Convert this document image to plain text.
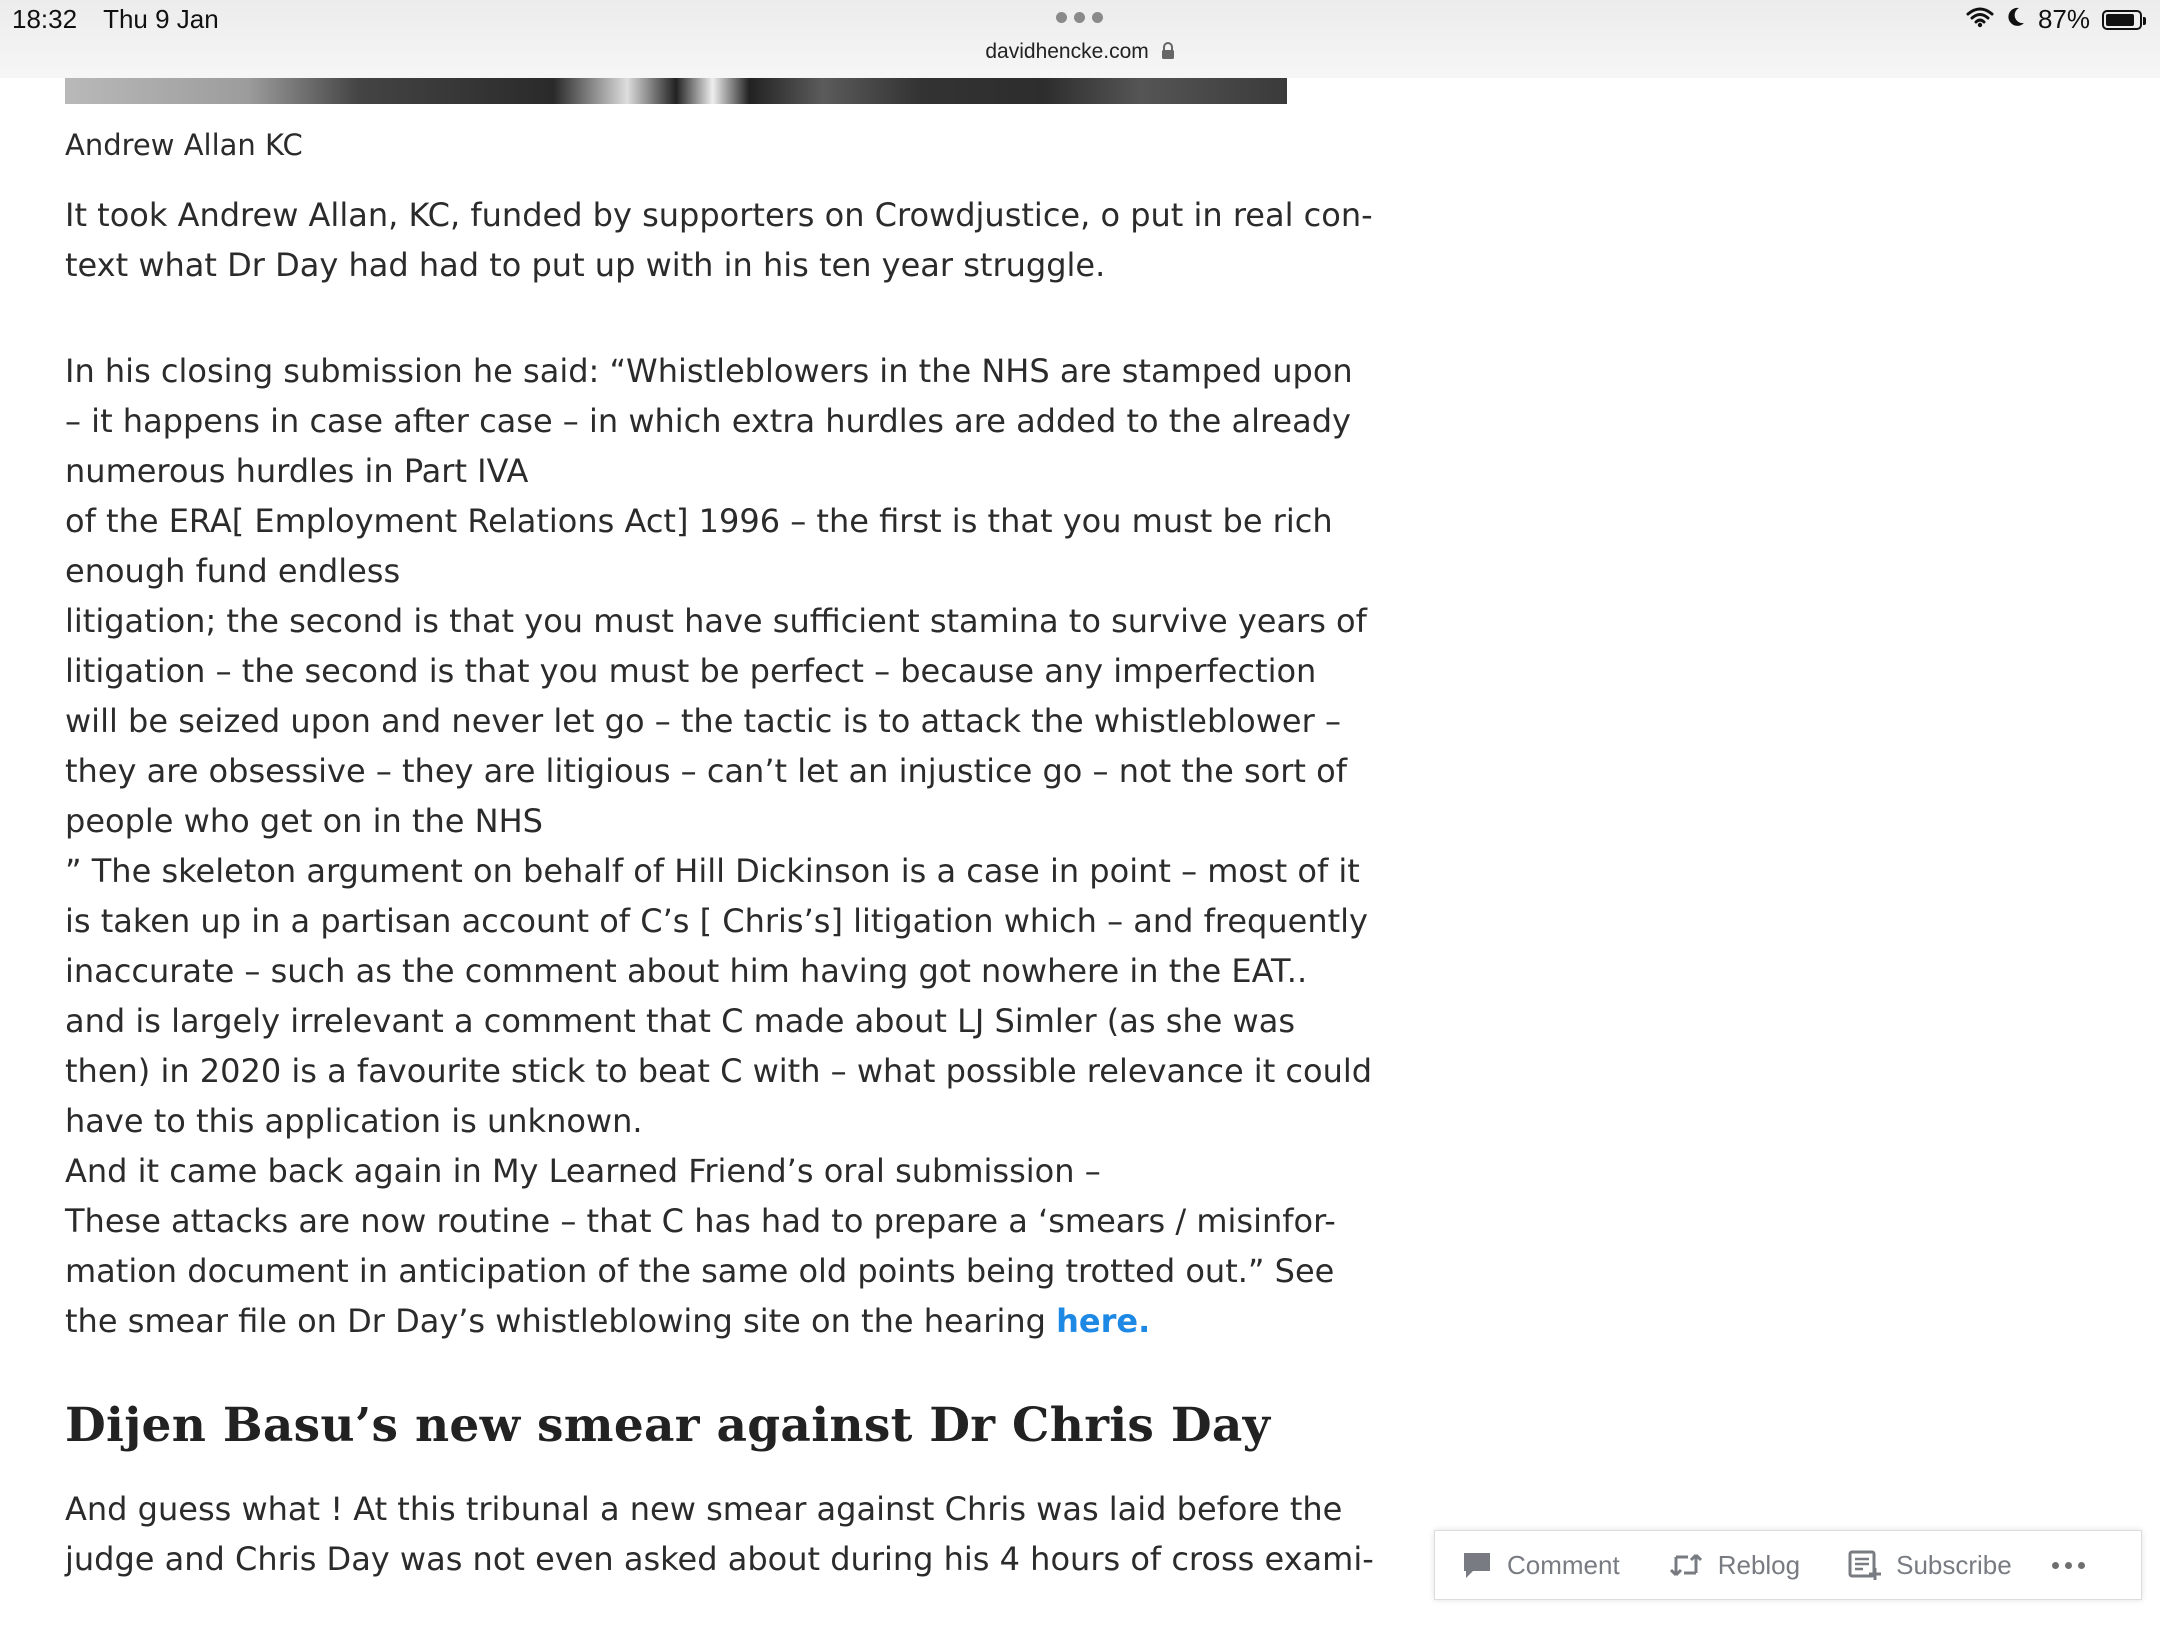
18:32 Thu 9 Jan
davidhencke.com
87%

Andrew Allan KC

It took Andrew Allan, KC, funded by supporters on Crowdjustice, o put in real con-
text what Dr Day had had to put up with in his ten year struggle.

In his closing submission he said: “Whistleblowers in the NHS are stamped upon
– it happens in case after case – in which extra hurdles are added to the already
numerous hurdles in Part IVA
of the ERA[ Employment Relations Act] 1996 – the first is that you must be rich
enough fund endless
litigation; the second is that you must have sufficient stamina to survive years of
litigation – the second is that you must be perfect – because any imperfection
will be seized upon and never let go – the tactic is to attack the whistleblower –
they are obsessive – they are litigious – can’t let an injustice go – not the sort of
people who get on in the NHS
” The skeleton argument on behalf of Hill Dickinson is a case in point – most of it
is taken up in a partisan account of C’s [ Chris’s] litigation which – and frequently
inaccurate – such as the comment about him having got nowhere in the EAT..
and is largely irrelevant a comment that C made about LJ Simler (as she was
then) in 2020 is a favourite stick to beat C with – what possible relevance it could
have to this application is unknown.
And it came back again in My Learned Friend’s oral submission –
These attacks are now routine – that C has had to prepare a ‘smears / misinfor-
mation document in anticipation of the same old points being trotted out.” See
the smear file on Dr Day’s whistleblowing site on the hearing here.
Dijen Basu’s new smear against Dr Chris Day
And guess what ! At this tribunal a new smear against Chris was laid before the
judge and Chris Day was not even asked about during his 4 hours of cross exami-	Comment	Reblog	Subscribe
